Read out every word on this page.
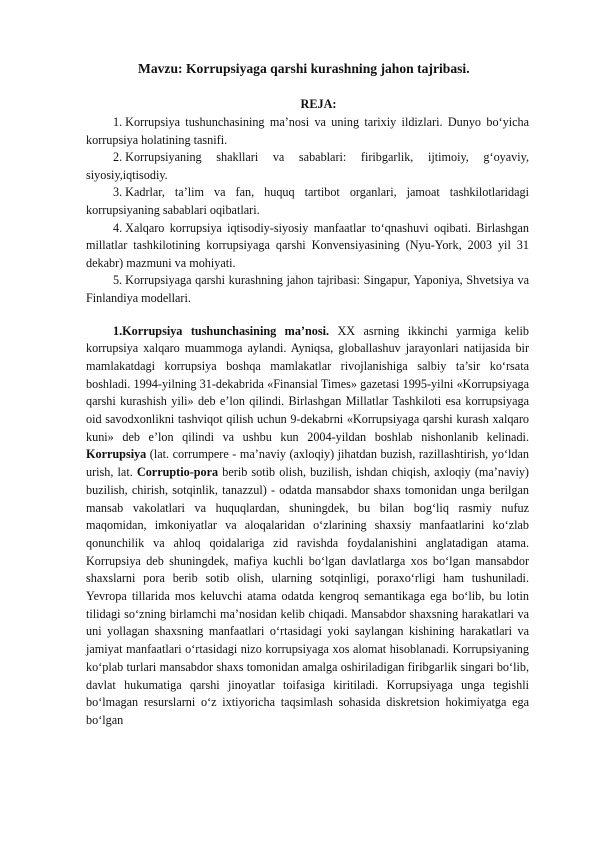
Mavzu: Korrupsiyaga qarshi kurashning jahon tajribasi.

REJA:

1. Korrupsiya tushunchasining ma’nosi va uning tarixiy ildizlari. Dunyo bo‘yicha korrupsiya holatining tasnifi.

2. Korrupsiyaning shakllari va sabablari: firibgarlik, ijtimoiy, g‘oyaviy, siyosiy,iqtisodiy.

3. Kadrlar, ta’lim va fan, huquq tartibot organlari, jamoat tashkilotlaridagi korrupsiyaning sabablari oqibatlari.

4. Xalqaro korrupsiya iqtisodiy-siyosiy manfaatlar to‘qnashuvi oqibati. Birlashgan millatlar tashkilotining korrupsiyaga qarshi Konvensiyasining (Nyu-York, 2003 yil 31 dekabr) mazmuni va mohiyati.

5. Korrupsiyaga qarshi kurashning jahon tajribasi: Singapur, Yaponiya, Shvetsiya va Finlandiya modellari.

1.Korrupsiya tushunchasining ma’nosi. XX asrning ikkinchi yarmiga kelib korrupsiya xalqaro muammoga aylandi. Ayniqsa, globallashuv jarayonlari natijasida bir mamlakatdagi korrupsiya boshqa mamlakatlar rivojlanishiga salbiy ta’sir ko‘rsata boshladi. 1994-yilning 31-dekabrida «Finansial Times» gazetasi 1995-yilni «Korrupsiyaga qarshi kurashish yili» deb e’lon qilindi. Birlashgan Millatlar Tashkiloti esa korrupsiyaga oid savodxonlikni tashviqot qilish uchun 9-dekabrni «Korrupsiyaga qarshi kurash xalqaro kuni» deb e’lon qilindi va ushbu kun 2004-yildan boshlab nishonlanib kelinadi. Korrupsiya (lat. corrumpere - ma’naviy (axloqiy) jihatdan buzish, razillashtirish, yo‘ldan urish, lat. Corruptio-pora berib sotib olish, buzilish, ishdan chiqish, axloqiy (ma’naviy) buzilish, chirish, sotqinlik, tanazzul) - odatda mansabdor shaxs tomonidan unga berilgan mansab vakolatlari va huquqlardan, shuningdek, bu bilan bog‘liq rasmiy nufuz maqomidan, imkoniyatlar va aloqalaridan o‘zlarining shaxsiy manfaatlarini ko‘zlab qonunchilik va ahloq qoidalariga zid ravishda foydalanishini anglatadigan atama. Korrupsiya deb shuningdek, mafiya kuchli bo‘lgan davlatlarga xos bo‘lgan mansabdor shaxslarni pora berib sotib olish, ularning sotqinligi, poraxo‘rligi ham tushuniladi. Yevropa tillarida mos keluvchi atama odatda kengroq semantikaga ega bo‘lib, bu lotin tilidagi so‘zning birlamchi ma’nosidan kelib chiqadi. Mansabdor shaxsning harakatlari va uni yollagan shaxsning manfaatlari o‘rtasidagi yoki saylangan kishining harakatlari va jamiyat manfaatlari o‘rtasidagi nizo korrupsiyaga xos alomat hisoblanadi. Korrupsiyaning ko‘plab turlari mansabdor shaxs tomonidan amalga oshiriladigan firibgarlik singari bo‘lib, davlat hukumatiga qarshi jinoyatlar toifasiga kiritiladi. Korrupsiyaga unga tegishli bo‘lmagan resurslarni o‘z ixtiyoricha taqsimlash sohasida diskretsion hokimiyatga ega bo‘lgan
